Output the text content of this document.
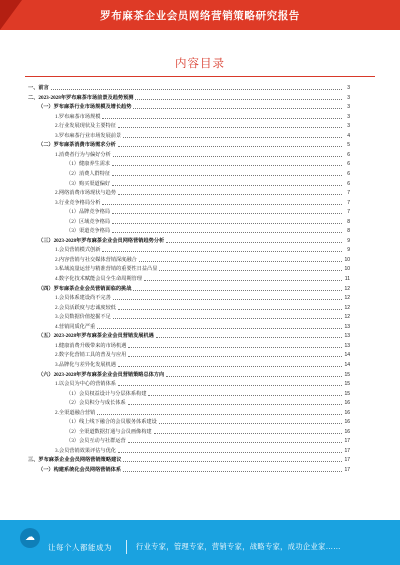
罗布麻茶企业会员网络营销策略研究报告
内容目录
一、前言	3
二、2023-2028年罗布麻茶市场前景及趋势预测	3
（一）罗布麻茶行业市场规模及增长趋势	3
1.罗布麻茶市场规模	3
2.行业发展现状及主要特征	3
3.罗布麻茶行业市场发展前景	4
（二）罗布麻茶消费市场需求分析	5
1.消费者行为与偏好分析	6
（1）健康养生需求	6
（2）消费人群特征	6
（3）购买渠道偏好	6
2.网络消费市场现状与趋势	7
3.行业竞争格局分析	7
（1）品牌竞争格局	7
（2）区域竞争格局	8
（3）渠道竞争格局	8
（三）2023-2028年罗布麻茶企业会员网络营销趋势分析	9
1.会员营销模式创新	9
2.内容营销与社交媒体营销深度融合	10
3.私域流量运营与精准营销的重要性日益凸显	10
4.数字化技术赋能会员全生命周期管理	11
（四）罗布麻茶企业会员营销面临的挑战	12
1.会员体系建设尚不完善	12
2.会员活跃度与忠诚度较低	12
3.会员数据价值挖掘不足	12
4.营销同质化严重	13
（五）2023-2028年罗布麻茶企业会员营销发展机遇	13
1.健康消费升级带来的市场机遇	13
2.数字化营销工具的普及与应用	14
3.品牌化与差异化发展机遇	14
（六）2023-2028年罗布麻茶企业会员营销策略总体方向	15
1.以会员为中心的营销体系	15
（1）会员权益设计与分层体系构建	15
（2）会员积分与成长体系	16
2.全渠道融合营销	16
（1）线上线下融合的会员服务体系建设	16
（2）全渠道数据打通与会员画像构建	16
（3）会员互动与社群运营	17
3.会员营销效果评估与优化	17
三、罗布麻茶企业会员网络营销策略建议	17
（一）构建系统化会员网络营销体系	17
☁
让每个人都能成为	行业专家，管理专家，营销专家，战略专家，成功企业家……
